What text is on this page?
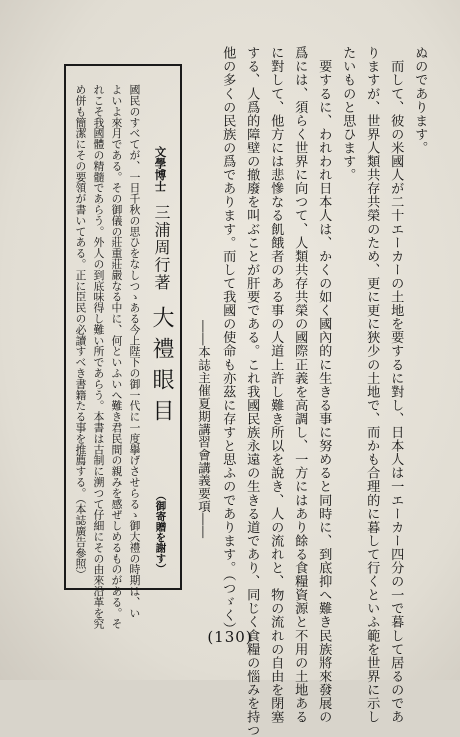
ぬのであります。
　而して、彼の米國人が二十エーカーの土地を要するに對し、日本人は一エーカー四分の一で暮して居るのであ
りますが、世界人類共存共榮のため、更に更に狹少の土地で、而かも合理的に暮して行くといふ範を世界に示し
たいものと思ひます。
　要するに、われわれ日本人は、かくの如く國內的に生きる事に努めると同時に、到底抑へ難き民族將來發展の
爲には、須らく世界に向つて、人類共存共榮の國際正義を高調し、一方にはあり餘る食糧資源と不用の土地ある
に對して、他方には悲慘なる飢餓者のある事の人道上許し難き所以を說き、人の流れと、物の流れの自由を閉塞
する、人爲的障壁の撤廢を叫ぶことが肝要である。これ我國民族永遠の生きる道であり、同じく食糧の惱みを持つ
他の多くの民族の爲であります。而して我國の使命も亦茲に存すと思ふのであります。（つゞく）
――本誌主催夏期講習會講義要項――
文學博士
三浦周行著
大禮眼目
（御寄贈を謝す）
國民のすべてが、一日千秋の思ひをなしつゝある今上陛下の御一代に一度擧げさせらるゝ御大禮の時期は、い
よいよ來月である。その御儀の莊重莊嚴なる中に、何といふいへ難き君民間の親みを感ぜしめるものがある。そ
れこそ我國體の精髓であらう。外人の到底味得し難い所であらう。本書は古制に溯つて仔細にその由來沿革を究
め併も簡潔にその要領が書いてある。正に臣民の必讀すべき書籍たる事を推薦する。（本誌廣告參照）
(130)
